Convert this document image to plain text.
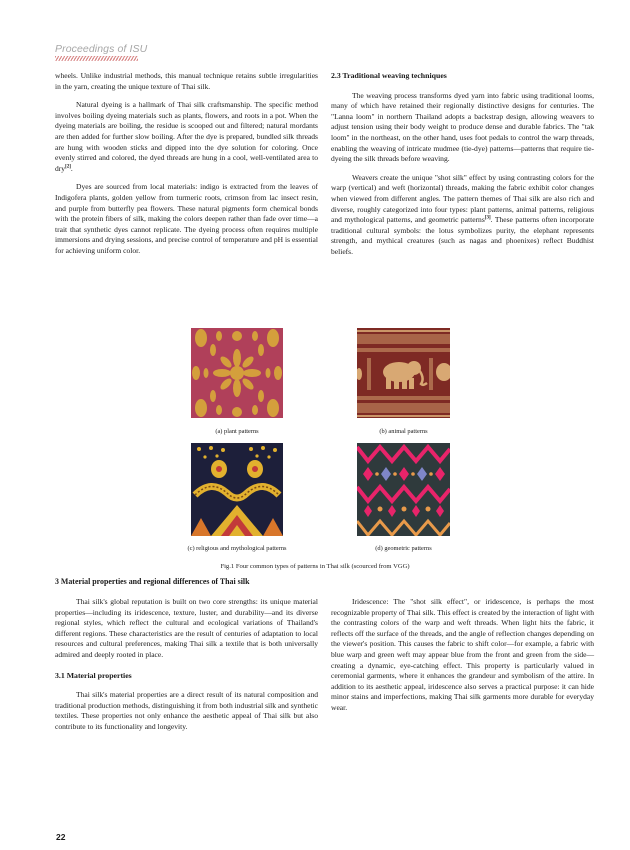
Proceedings of ISU

wheels. Unlike industrial methods, this manual technique retains subtle irregularities in the yarn, creating the unique texture of Thai silk.

Natural dyeing is a hallmark of Thai silk craftsmanship. The specific method involves boiling dyeing materials such as plants, flowers, and roots in a pot. When the dyeing materials are boiling, the residue is scooped out and filtered; natural mordants are then added for further slow boiling. After the dye is prepared, bundled silk threads are hung with wooden sticks and dipped into the dye solution for coloring. Once evenly stirred and colored, the dyed threads are hung in a cool, well-ventilated area to dry[2].

Dyes are sourced from local materials: indigo is extracted from the leaves of Indigofera plants, golden yellow from turmeric roots, crimson from lac insect resin, and purple from butterfly pea flowers. These natural pigments form chemical bonds with the protein fibers of silk, making the colors deepen rather than fade over time—a trait that synthetic dyes cannot replicate. The dyeing process often requires multiple immersions and drying sessions, and precise control of temperature and pH is essential for achieving uniform color.

2.3 Traditional weaving techniques

The weaving process transforms dyed yarn into fabric using traditional looms, many of which have retained their regionally distinctive designs for centuries. The "Lanna loom" in northern Thailand adopts a backstrap design, allowing weavers to adjust tension using their body weight to produce dense and durable fabrics. The "tak loom" in the northeast, on the other hand, uses foot pedals to control the warp threads, enabling the weaving of intricate mudmee (tie-dye) patterns—patterns that require tie-dyeing the silk threads before weaving.

Weavers create the unique "shot silk" effect by using contrasting colors for the warp (vertical) and weft (horizontal) threads, making the fabric exhibit color changes when viewed from different angles. The pattern themes of Thai silk are also rich and diverse, roughly categorized into four types: plant patterns, animal patterns, religious and mythological patterns, and geometric patterns[3]. These patterns often incorporate traditional cultural symbols: the lotus symbolizes purity, the elephant represents strength, and mythical creatures (such as nagas and phoenixes) reflect Buddhist beliefs.

(a) plant patterns	(b) animal patterns
(c) religious and mythological patterns	(d) geometric patterns
Fig.1 Four common types of patterns in Thai silk (scourced from VGG)
3 Material properties and regional differences of Thai silk

Thai silk's global reputation is built on two core strengths: its unique material properties—including its iridescence, texture, luster, and durability—and its diverse regional styles, which reflect the cultural and ecological variations of Thailand's different regions. These characteristics are the result of centuries of adaptation to local resources and cultural preferences, making Thai silk a textile that is both universally admired and deeply rooted in place.

3.1 Material properties

Thai silk's material properties are a direct result of its natural composition and traditional production methods, distinguishing it from both industrial silk and synthetic textiles. These properties not only enhance the aesthetic appeal of Thai silk but also contribute to its functionality and longevity.

Iridescence: The "shot silk effect", or iridescence, is perhaps the most recognizable property of Thai silk. This effect is created by the interaction of light with the contrasting colors of the warp and weft threads. When light hits the fabric, it reflects off the surface of the threads, and the angle of reflection changes depending on the viewer's position. This causes the fabric to shift color—for example, a fabric with blue warp and green weft may appear blue from the front and green from the side—creating a dynamic, eye-catching effect. This property is particularly valued in ceremonial garments, where it enhances the grandeur and symbolism of the attire. In addition to its aesthetic appeal, iridescence also serves a practical purpose: it can hide minor stains and imperfections, making Thai silk garments more durable for everyday wear.

22
